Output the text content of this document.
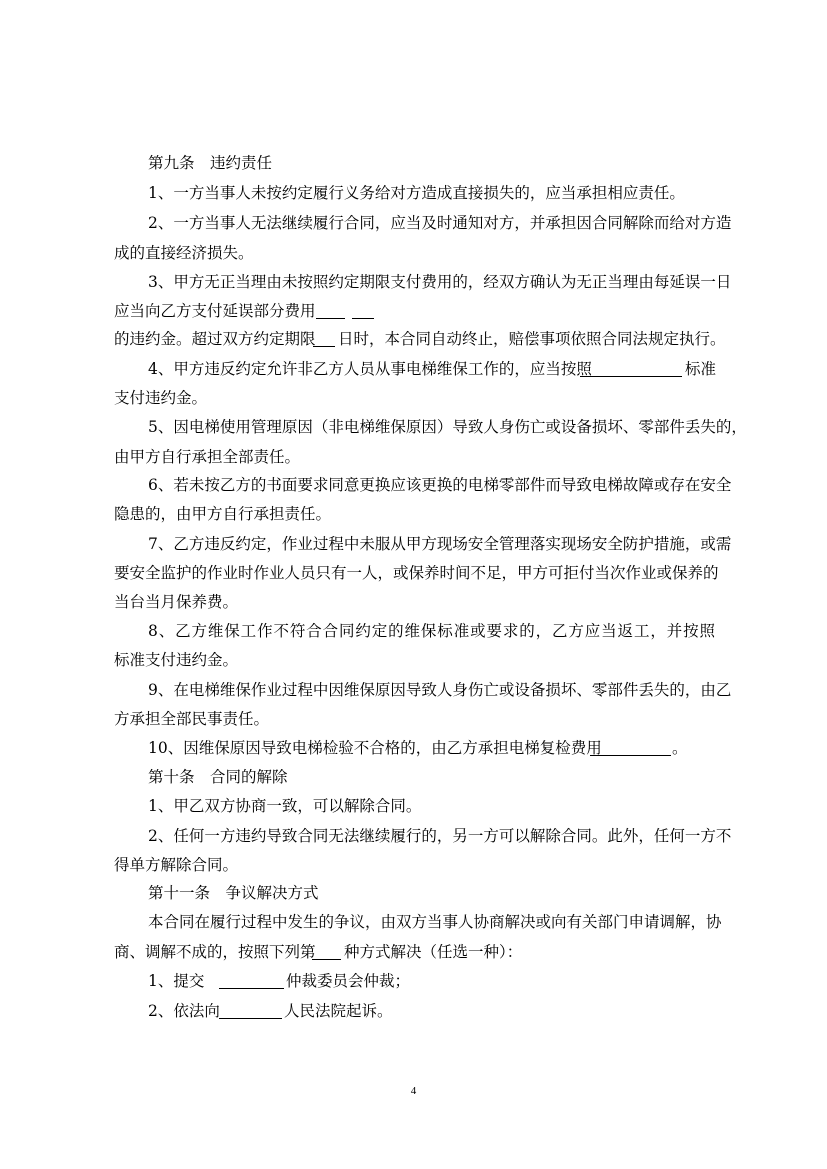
第九条　违约责任
1、一方当事人未按约定履行义务给对方造成直接损失的，应当承担相应责任。
2、一方当事人无法继续履行合同，应当及时通知对方，并承担因合同解除而给对方造
成的直接经济损失。
3、甲方无正当理由未按照约定期限支付费用的，经双方确认为无正当理由每延误一日
应当向乙方支付延误部分费用
的违约金。超过双方约定期限 日时，本合同自动终止，赔偿事项依照合同法规定执行。
4、甲方违反约定允许非乙方人员从事电梯维保工作的，应当按照	标准
支付违约金。
5、因电梯使用管理原因（非电梯维保原因）导致人身伤亡或设备损坏、零部件丢失的，
由甲方自行承担全部责任。
6、若未按乙方的书面要求同意更换应该更换的电梯零部件而导致电梯故障或存在安全
隐患的，由甲方自行承担责任。
7、乙方违反约定，作业过程中未服从甲方现场安全管理落实现场安全防护措施，或需
要安全监护的作业时作业人员只有一人，或保养时间不足，甲方可拒付当次作业或保养的
当台当月保养费。
8、乙方维保工作不符合合同约定的维保标准或要求的，乙方应当返工，并按照
标准支付违约金。
9、在电梯维保作业过程中因维保原因导致人身伤亡或设备损坏、零部件丢失的，由乙
方承担全部民事责任。
10、因维保原因导致电梯检验不合格的，由乙方承担电梯复检费用	。
第十条　合同的解除
1、甲乙双方协商一致，可以解除合同。
2、任何一方违约导致合同无法继续履行的，另一方可以解除合同。此外，任何一方不
得单方解除合同。
第十一条　争议解决方式
本合同在履行过程中发生的争议，由双方当事人协商解决或向有关部门申请调解，协
商、调解不成的，按照下列第 种方式解决（任选一种）：
1、提交	仲裁委员会仲裁；
2、依法向	人民法院起诉。
4
